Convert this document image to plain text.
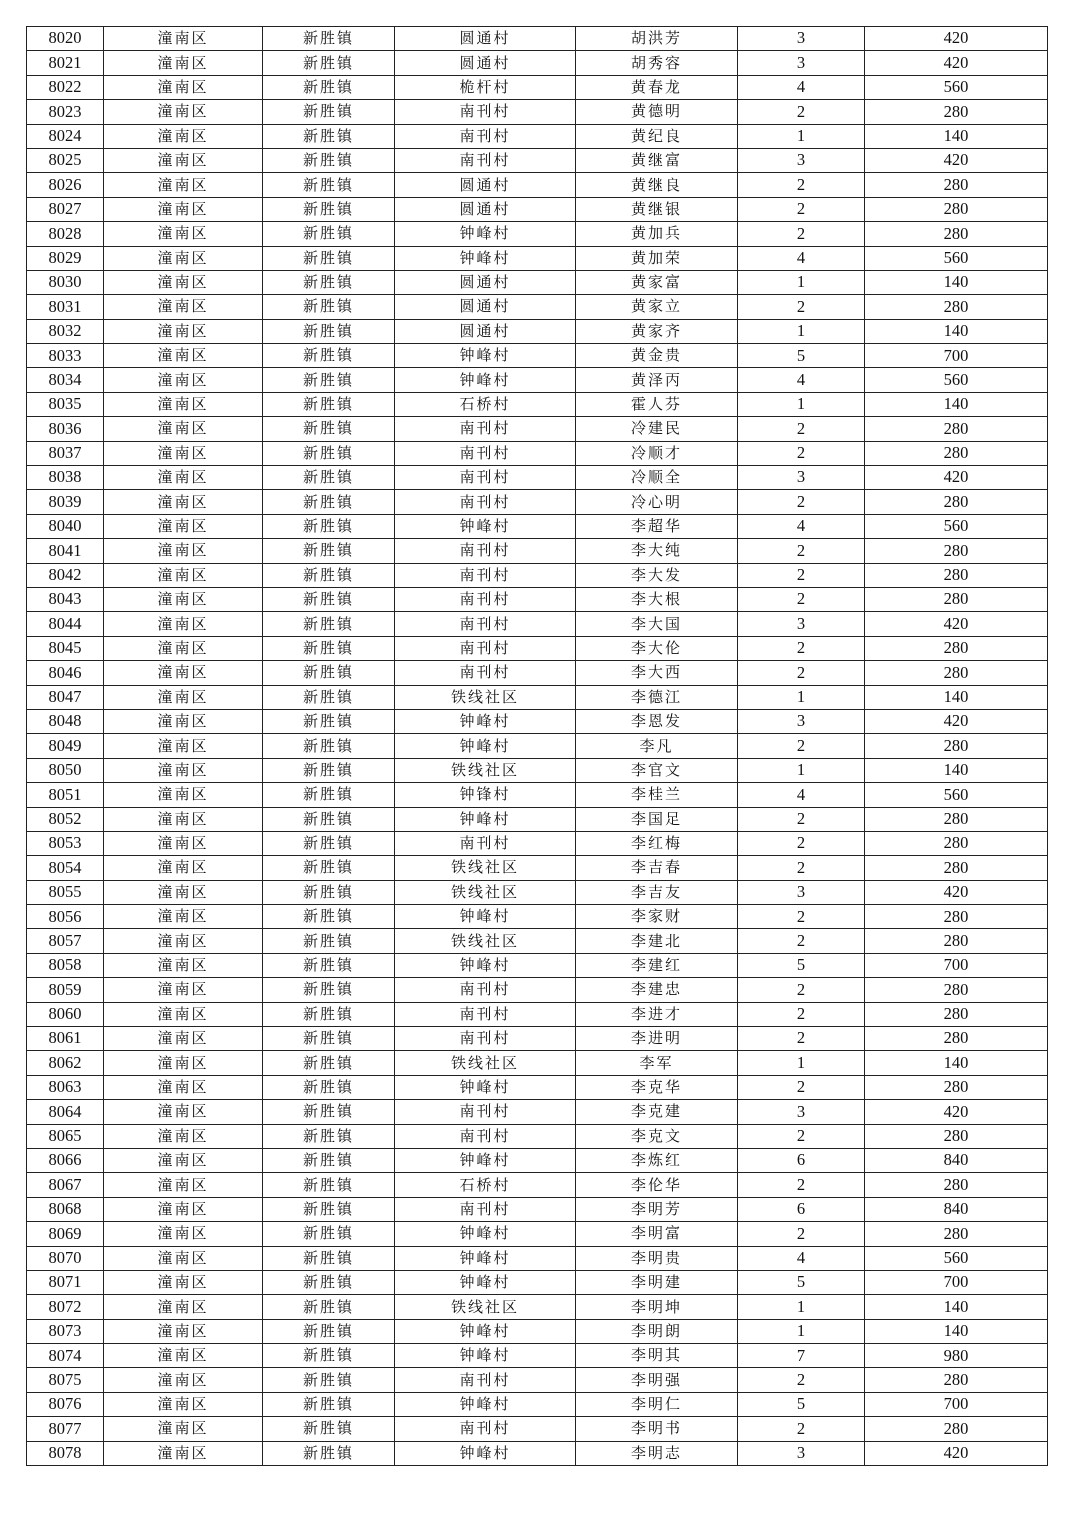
8020	潼南区	新胜镇	圆通村	胡洪芳	3	420
8021	潼南区	新胜镇	圆通村	胡秀容	3	420
8022	潼南区	新胜镇	桅杆村	黄春龙	4	560
8023	潼南区	新胜镇	南刊村	黄德明	2	280
8024	潼南区	新胜镇	南刊村	黄纪良	1	140
8025	潼南区	新胜镇	南刊村	黄继富	3	420
8026	潼南区	新胜镇	圆通村	黄继良	2	280
8027	潼南区	新胜镇	圆通村	黄继银	2	280
8028	潼南区	新胜镇	钟峰村	黄加兵	2	280
8029	潼南区	新胜镇	钟峰村	黄加荣	4	560
8030	潼南区	新胜镇	圆通村	黄家富	1	140
8031	潼南区	新胜镇	圆通村	黄家立	2	280
8032	潼南区	新胜镇	圆通村	黄家齐	1	140
8033	潼南区	新胜镇	钟峰村	黄金贵	5	700
8034	潼南区	新胜镇	钟峰村	黄泽丙	4	560
8035	潼南区	新胜镇	石桥村	霍人芬	1	140
8036	潼南区	新胜镇	南刊村	冷建民	2	280
8037	潼南区	新胜镇	南刊村	冷顺才	2	280
8038	潼南区	新胜镇	南刊村	冷顺全	3	420
8039	潼南区	新胜镇	南刊村	冷心明	2	280
8040	潼南区	新胜镇	钟峰村	李超华	4	560
8041	潼南区	新胜镇	南刊村	李大纯	2	280
8042	潼南区	新胜镇	南刊村	李大发	2	280
8043	潼南区	新胜镇	南刊村	李大根	2	280
8044	潼南区	新胜镇	南刊村	李大国	3	420
8045	潼南区	新胜镇	南刊村	李大伦	2	280
8046	潼南区	新胜镇	南刊村	李大西	2	280
8047	潼南区	新胜镇	铁线社区	李德江	1	140
8048	潼南区	新胜镇	钟峰村	李恩发	3	420
8049	潼南区	新胜镇	钟峰村	李凡	2	280
8050	潼南区	新胜镇	铁线社区	李官文	1	140
8051	潼南区	新胜镇	钟锋村	李桂兰	4	560
8052	潼南区	新胜镇	钟峰村	李国足	2	280
8053	潼南区	新胜镇	南刊村	李红梅	2	280
8054	潼南区	新胜镇	铁线社区	李吉春	2	280
8055	潼南区	新胜镇	铁线社区	李吉友	3	420
8056	潼南区	新胜镇	钟峰村	李家财	2	280
8057	潼南区	新胜镇	铁线社区	李建北	2	280
8058	潼南区	新胜镇	钟峰村	李建红	5	700
8059	潼南区	新胜镇	南刊村	李建忠	2	280
8060	潼南区	新胜镇	南刊村	李进才	2	280
8061	潼南区	新胜镇	南刊村	李进明	2	280
8062	潼南区	新胜镇	铁线社区	李军	1	140
8063	潼南区	新胜镇	钟峰村	李克华	2	280
8064	潼南区	新胜镇	南刊村	李克建	3	420
8065	潼南区	新胜镇	南刊村	李克文	2	280
8066	潼南区	新胜镇	钟峰村	李炼红	6	840
8067	潼南区	新胜镇	石桥村	李伦华	2	280
8068	潼南区	新胜镇	南刊村	李明芳	6	840
8069	潼南区	新胜镇	钟峰村	李明富	2	280
8070	潼南区	新胜镇	钟峰村	李明贵	4	560
8071	潼南区	新胜镇	钟峰村	李明建	5	700
8072	潼南区	新胜镇	铁线社区	李明坤	1	140
8073	潼南区	新胜镇	钟峰村	李明朗	1	140
8074	潼南区	新胜镇	钟峰村	李明其	7	980
8075	潼南区	新胜镇	南刊村	李明强	2	280
8076	潼南区	新胜镇	钟峰村	李明仁	5	700
8077	潼南区	新胜镇	南刊村	李明书	2	280
8078	潼南区	新胜镇	钟峰村	李明志	3	420
